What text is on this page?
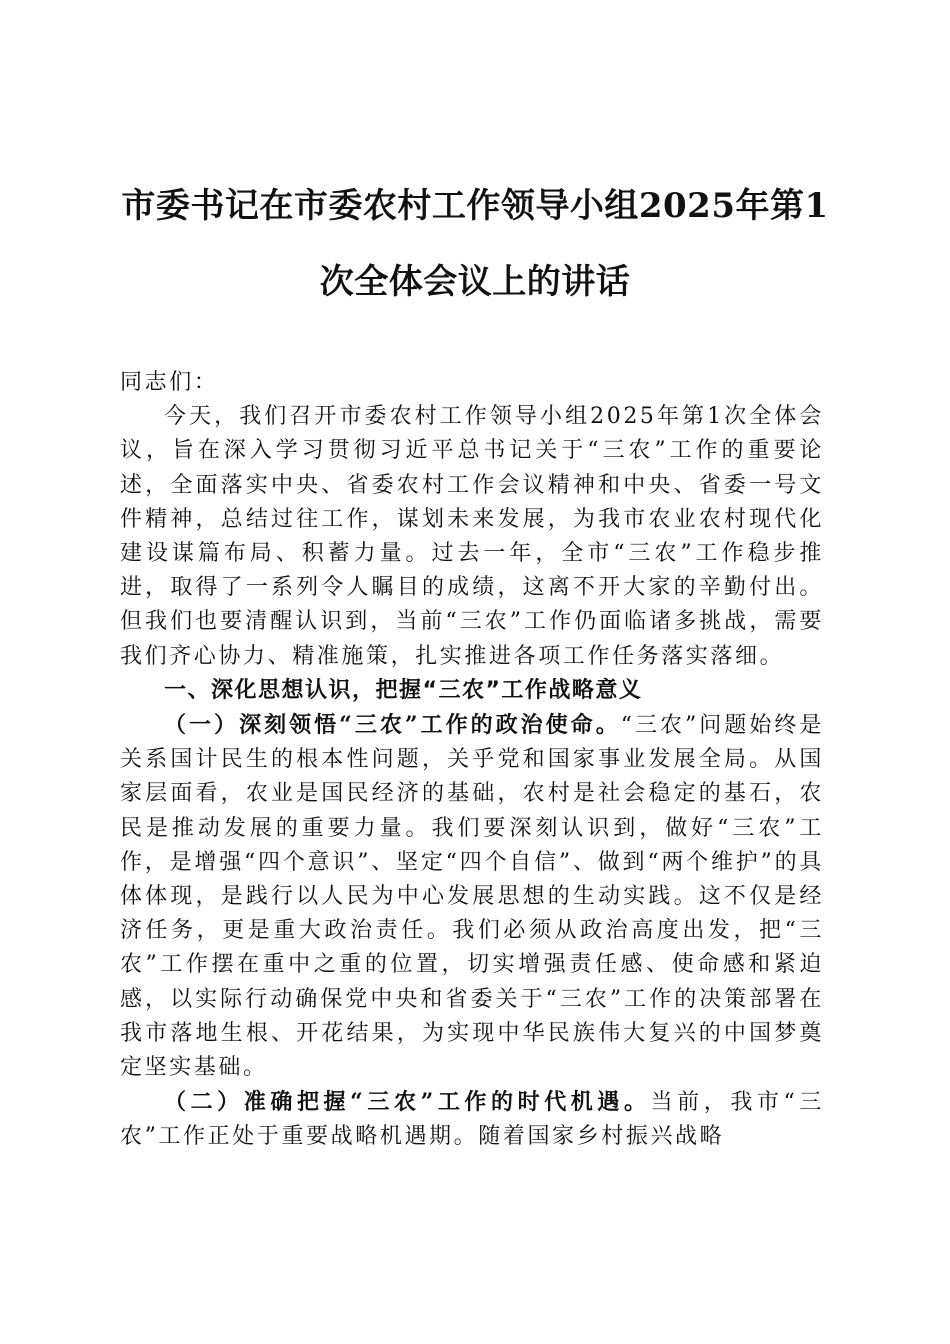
市委书记在市委农村工作领导小组2025年第1次全体会议上的讲话

同志们：

今天，我们召开市委农村工作领导小组2025年第1次全体会议，旨在深入学习贯彻习近平总书记关于“三农”工作的重要论述，全面落实中央、省委农村工作会议精神和中央、省委一号文件精神，总结过往工作，谋划未来发展，为我市农业农村现代化建设谋篇布局、积蓄力量。过去一年，全市“三农”工作稳步推进，取得了一系列令人瞩目的成绩，这离不开大家的辛勤付出。但我们也要清醒认识到，当前“三农”工作仍面临诸多挑战，需要我们齐心协力、精准施策，扎实推进各项工作任务落实落细。

一、深化思想认识，把握“三农”工作战略意义

（一）深刻领悟“三农”工作的政治使命。“三农”问题始终是关系国计民生的根本性问题，关乎党和国家事业发展全局。从国家层面看，农业是国民经济的基础，农村是社会稳定的基石，农民是推动发展的重要力量。我们要深刻认识到，做好“三农”工作，是增强“四个意识”、坚定“四个自信”、做到“两个维护”的具体体现，是践行以人民为中心发展思想的生动实践。这不仅是经济任务，更是重大政治责任。我们必须从政治高度出发，把“三农”工作摆在重中之重的位置，切实增强责任感、使命感和紧迫感，以实际行动确保党中央和省委关于“三农”工作的决策部署在我市落地生根、开花结果，为实现中华民族伟大复兴的中国梦奠定坚实基础。

（二）准确把握“三农”工作的时代机遇。当前，我市“三农”工作正处于重要战略机遇期。随着国家乡村振兴战略
